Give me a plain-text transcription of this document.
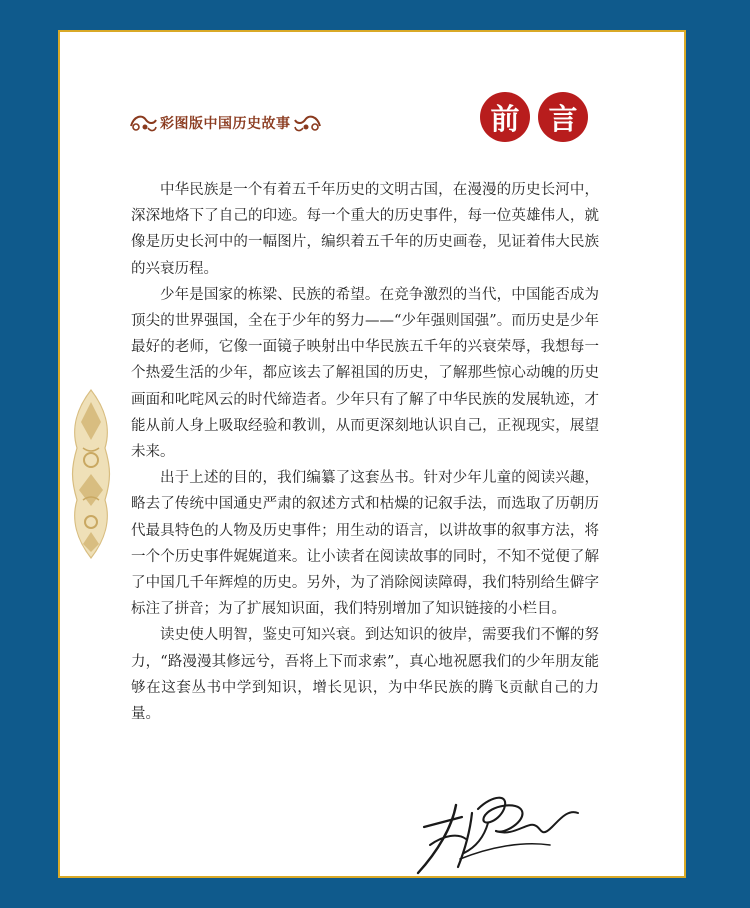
彩图版中国历史故事	前 言

中华民族是一个有着五千年历史的文明古国，在漫漫的历史长河中，深深地烙下了自己的印迹。每一个重大的历史事件，每一位英雄伟人，就像是历史长河中的一幅图片，编织着五千年的历史画卷，见证着伟大民族的兴衰历程。

少年是国家的栋梁、民族的希望。在竞争激烈的当代，中国能否成为顶尖的世界强国，全在于少年的努力——“少年强则国强”。而历史是少年最好的老师，它像一面镜子映射出中华民族五千年的兴衰荣辱，我想每一个热爱生活的少年，都应该去了解祖国的历史，了解那些惊心动魄的历史画面和叱咤风云的时代缔造者。少年只有了解了中华民族的发展轨迹，才能从前人身上吸取经验和教训，从而更深刻地认识自己，正视现实，展望未来。

出于上述的目的，我们编纂了这套丛书。针对少年儿童的阅读兴趣，略去了传统中国通史严肃的叙述方式和枯燥的记叙手法，而选取了历朝历代最具特色的人物及历史事件；用生动的语言，以讲故事的叙事方法，将一个个历史事件娓娓道来。让小读者在阅读故事的同时，不知不觉便了解了中国几千年辉煌的历史。另外，为了消除阅读障碍，我们特别给生僻字标注了拼音；为了扩展知识面，我们特别增加了知识链接的小栏目。

读史使人明智，鉴史可知兴衰。到达知识的彼岸，需要我们不懈的努力，“路漫漫其修远兮，吾将上下而求索”，真心地祝愿我们的少年朋友能够在这套丛书中学到知识，增长见识，为中华民族的腾飞贡献自己的力量。
